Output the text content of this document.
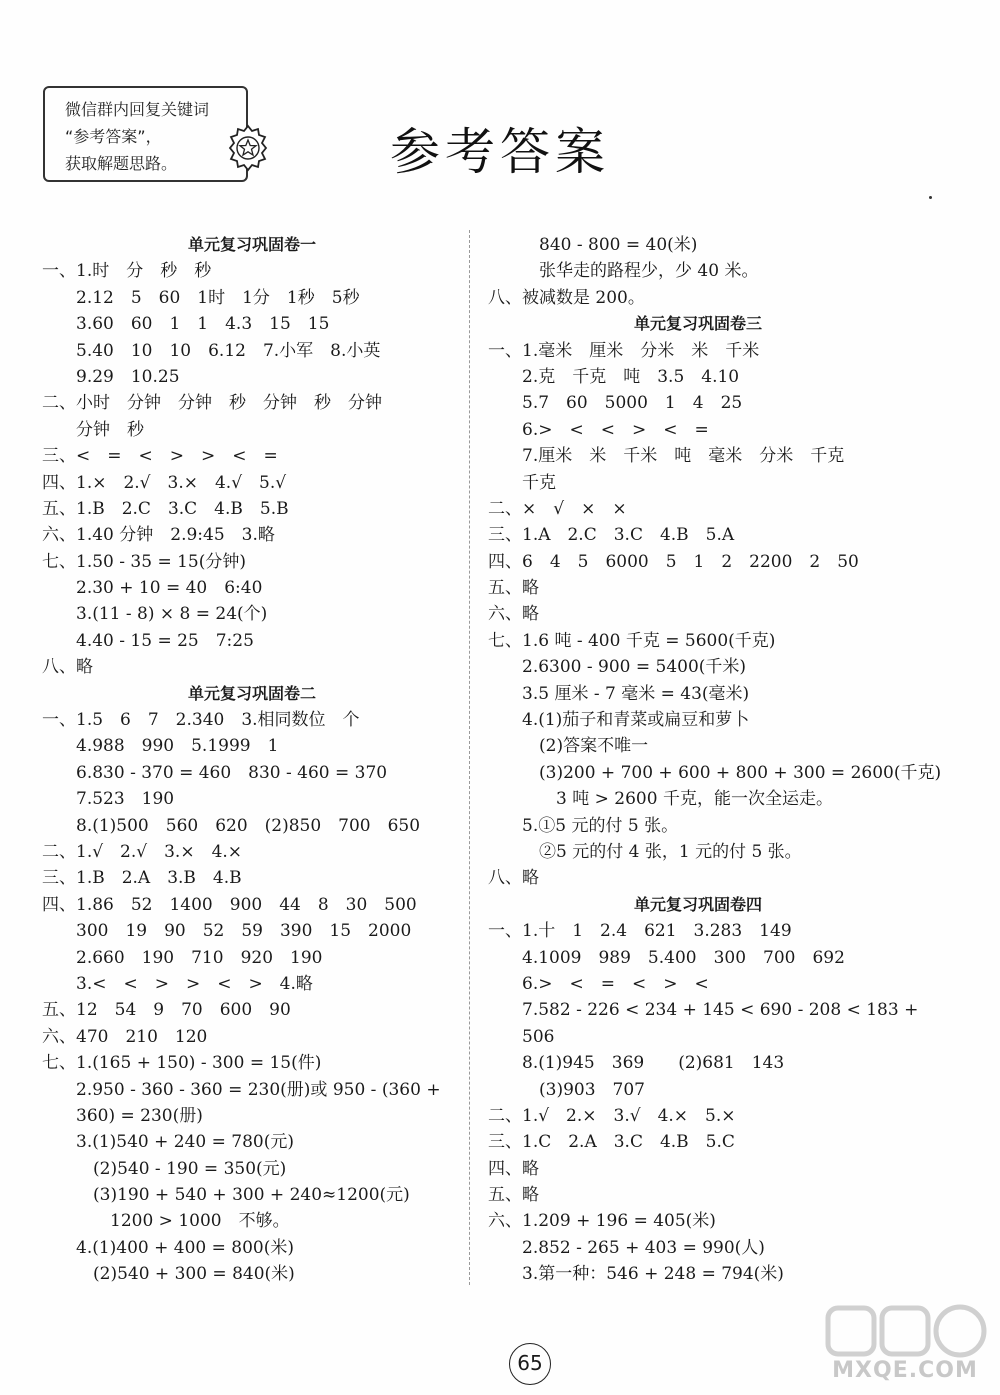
微信群内回复关键词
“参考答案”，
获取解题思路。	参考答案
单元复习巩固卷一
一、1.时　分　秒　秒
　　2.12　5　60　1时　1分　1秒　5秒
　　3.60　60　1　1　4.3　15　15
　　5.40　10　10　6.12　7.小军　8.小英
　　9.29　10.25
二、小时　分钟　分钟　秒　分钟　秒　分钟
　　分钟　秒
三、<　=　<　>　>　<　=
四、1.×　2.√　3.×　4.√　5.√
五、1.B　2.C　3.C　4.B　5.B
六、1.40 分钟　2.9:45　3.略
七、1.50 - 35 = 15(分钟)
　　2.30 + 10 = 40　6:40
　　3.(11 - 8) × 8 = 24(个)
　　4.40 - 15 = 25　7:25
八、略
单元复习巩固卷二
一、1.5　6　7　2.340　3.相同数位　个
　　4.988　990　5.1999　1
　　6.830 - 370 = 460　830 - 460 = 370
　　7.523　190
　　8.(1)500　560　620　(2)850　700　650
二、1.√　2.√　3.×　4.×
三、1.B　2.A　3.B　4.B
四、1.86　52　1400　900　44　8　30　500
　　300　19　90　52　59　390　15　2000
　　2.660　190　710　920　190
　　3.<　<　>　>　<　>　4.略
五、12　54　9　70　600　90
六、470　210　120
七、1.(165 + 150) - 300 = 15(件)
　　2.950 - 360 - 360 = 230(册)或 950 - (360 +
　　360) = 230(册)
　　3.(1)540 + 240 = 780(元)
　　　(2)540 - 190 = 350(元)
　　　(3)190 + 540 + 300 + 240≈1200(元)
　　　　1200 > 1000　不够。
　　4.(1)400 + 400 = 800(米)
　　　(2)540 + 300 = 840(米)
　　　840 - 800 = 40(米)
　　　张华走的路程少，少 40 米。
八、被减数是 200。
单元复习巩固卷三
一、1.毫米　厘米　分米　米　千米
　　2.克　千克　吨　3.5　4.10
　　5.7　60　5000　1　4　25
　　6.>　<　<　>　<　=
　　7.厘米　米　千米　吨　毫米　分米　千克
　　千克
二、×　√　×　×
三、1.A　2.C　3.C　4.B　5.A
四、6　4　5　6000　5　1　2　2200　2　50
五、略
六、略
七、1.6 吨 - 400 千克 = 5600(千克)
　　2.6300 - 900 = 5400(千米)
　　3.5 厘米 - 7 毫米 = 43(毫米)
　　4.(1)茄子和青菜或扁豆和萝卜
　　　(2)答案不唯一
　　　(3)200 + 700 + 600 + 800 + 300 = 2600(千克)
　　　　3 吨 > 2600 千克，能一次全运走。
　　5.①5 元的付 5 张。
　　　②5 元的付 4 张，1 元的付 5 张。
八、略
单元复习巩固卷四
一、1.十　1　2.4　621　3.283　149
　　4.1009　989　5.400　300　700　692
　　6.>　<　=　<　>　<
　　7.582 - 226 < 234 + 145 < 690 - 208 < 183 +
　　506
　　8.(1)945　369　　(2)681　143
　　　(3)903　707
二、1.√　2.×　3.√　4.×　5.×
三、1.C　2.A　3.C　4.B　5.C
四、略
五、略
六、1.209 + 196 = 405(米)
　　2.852 - 265 + 403 = 990(人)
　　3.第一种：546 + 248 = 794(米)
65	MXQE.COM
